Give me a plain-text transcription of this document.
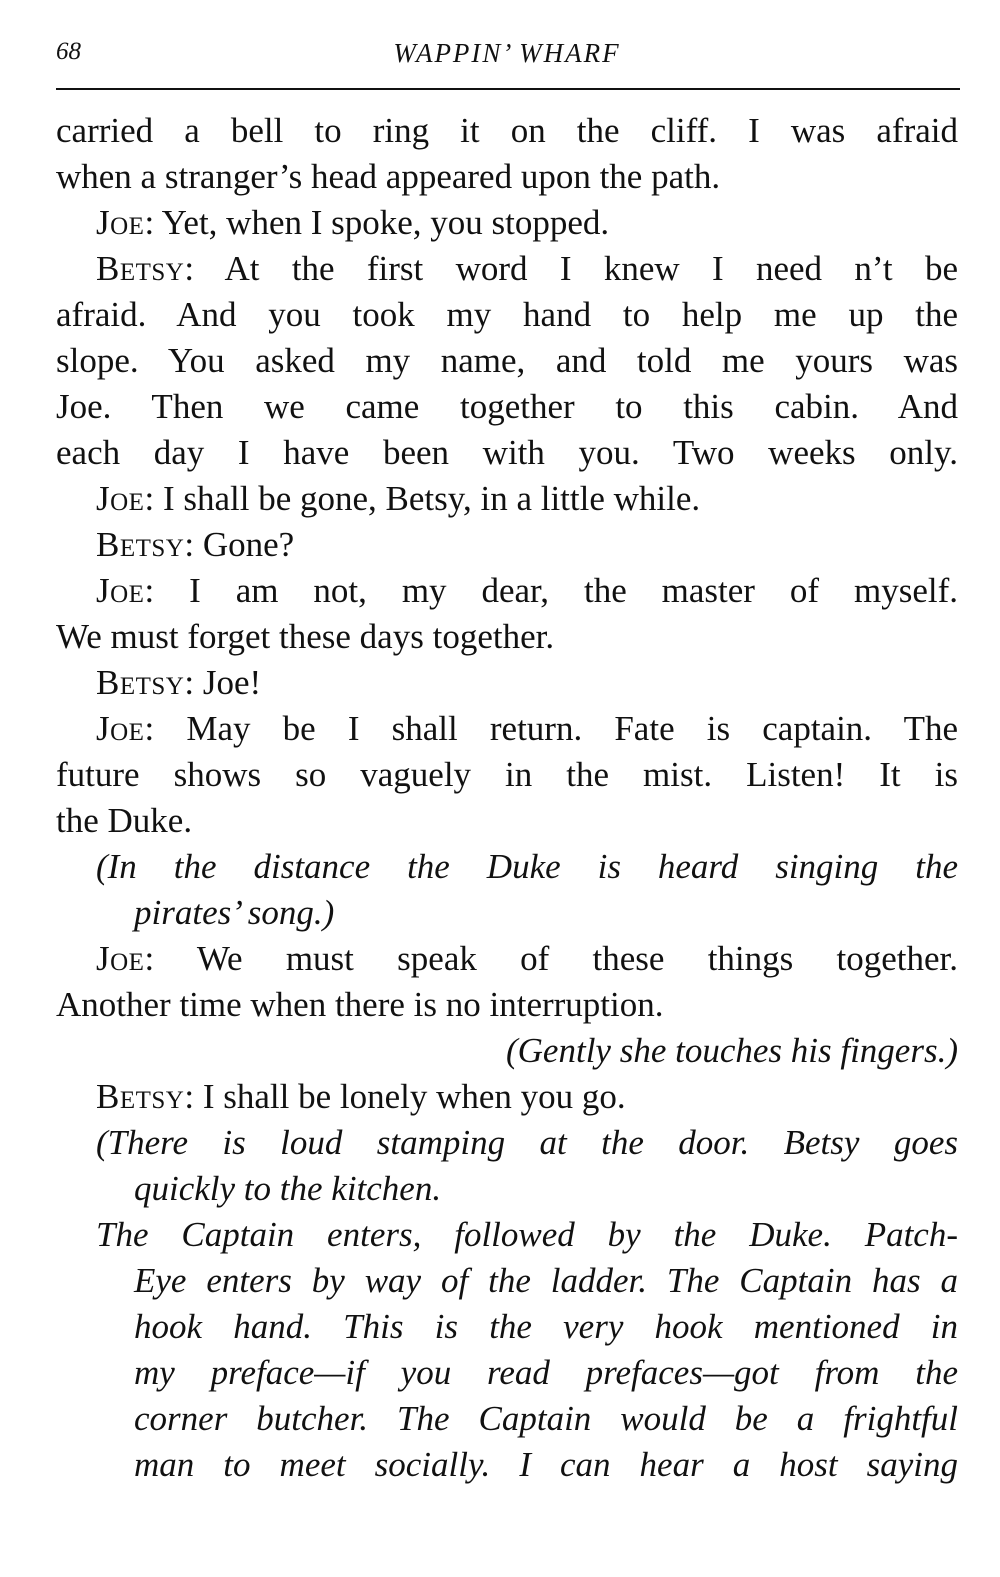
68	WAPPIN’ WHARF
carried a bell to ring it on the cliff. I was afraid
when a stranger’s head appeared upon the path.
Joe: Yet, when I spoke, you stopped.
Betsy: At the first word I knew I need n’t be
afraid. And you took my hand to help me up the
slope. You asked my name, and told me yours was
Joe. Then we came together to this cabin. And
each day I have been with you. Two weeks only.
Joe: I shall be gone, Betsy, in a little while.
Betsy: Gone?
Joe: I am not, my dear, the master of myself.
We must forget these days together.
Betsy: Joe!
Joe: May be I shall return. Fate is captain. The
future shows so vaguely in the mist. Listen! It is
the Duke.
(In the distance the Duke is heard singing the
pirates’ song.)
Joe: We must speak of these things together.
Another time when there is no interruption.
(Gently she touches his fingers.)
Betsy: I shall be lonely when you go.
(There is loud stamping at the door. Betsy goes
quickly to the kitchen.
The Captain enters, followed by the Duke. Patch-
Eye enters by way of the ladder. The Captain has a
hook hand. This is the very hook mentioned in
my preface—if you read prefaces—got from the
corner butcher. The Captain would be a frightful
man to meet socially. I can hear a host saying
